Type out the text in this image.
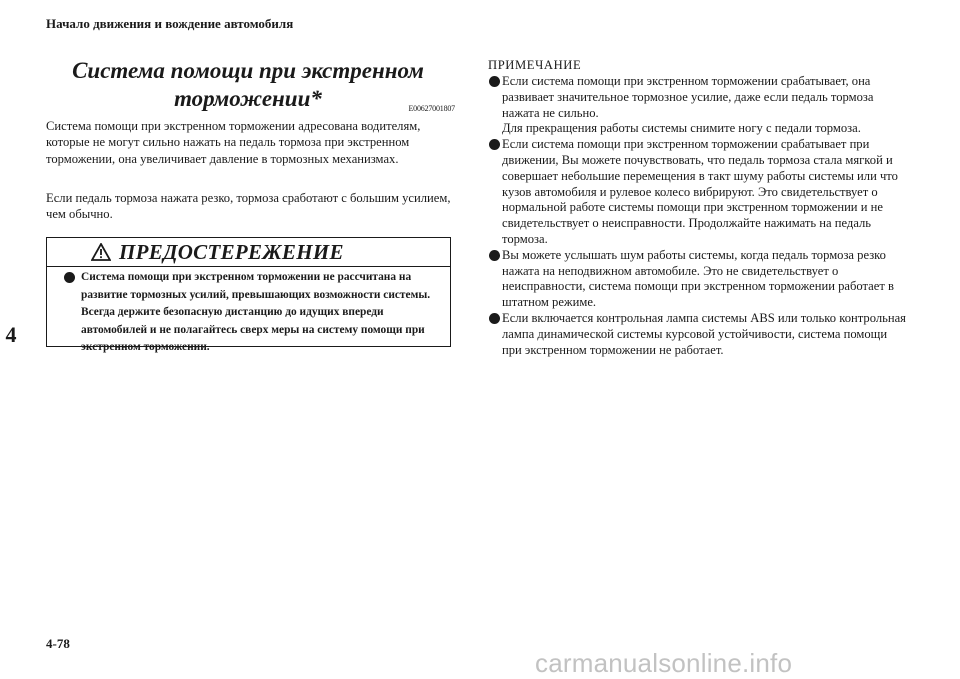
Начало движения и вождение автомобиля
Система помощи при экстренном
торможении*	E00627001807

Система помощи при экстренном торможении адресована водителям, которые не могут сильно нажать на педаль тормоза при экстренном торможении, она увеличивает давление в тормозных механизмах.

Если педаль тормоза нажата резко, тормоза сработают с большим усилием, чем обычно.

ПРЕДОСТЕРЕЖЕНИЕ
Система помощи при экстренном торможении не рассчитана на развитие тормозных усилий, превышающих возможности системы. Всегда держите безопасную дистанцию до идущих впереди автомобилей и не полагайтесь сверх меры на систему помощи при экстренном торможении.
ПРИМЕЧАНИЕ

Если система помощи при экстренном торможении срабатывает, она развивает значительное тормозное усилие, даже если педаль тормоза нажата не сильно.

Для прекращения работы системы снимите ногу с педали тормоза.

Если система помощи при экстренном торможении срабатывает при движении, Вы можете почувствовать, что педаль тормоза стала мягкой и совершает небольшие перемещения в такт шуму работы системы или что кузов автомобиля и рулевое колесо вибрируют. Это свидетельствует о нормальной работе системы помощи при экстренном торможении и не свидетельствует о неисправности. Продолжайте нажимать на педаль тормоза.

Вы можете услышать шум работы системы, когда педаль тормоза резко нажата на неподвижном автомобиле. Это не свидетельствует о неисправности, система помощи при экстренном торможении работает в штатном режиме.

Если включается контрольная лампа системы ABS или только контрольная лампа динамической системы курсовой устойчивости, система помощи при экстренном торможении не работает.

4
4-78
carmanualsonline.info
